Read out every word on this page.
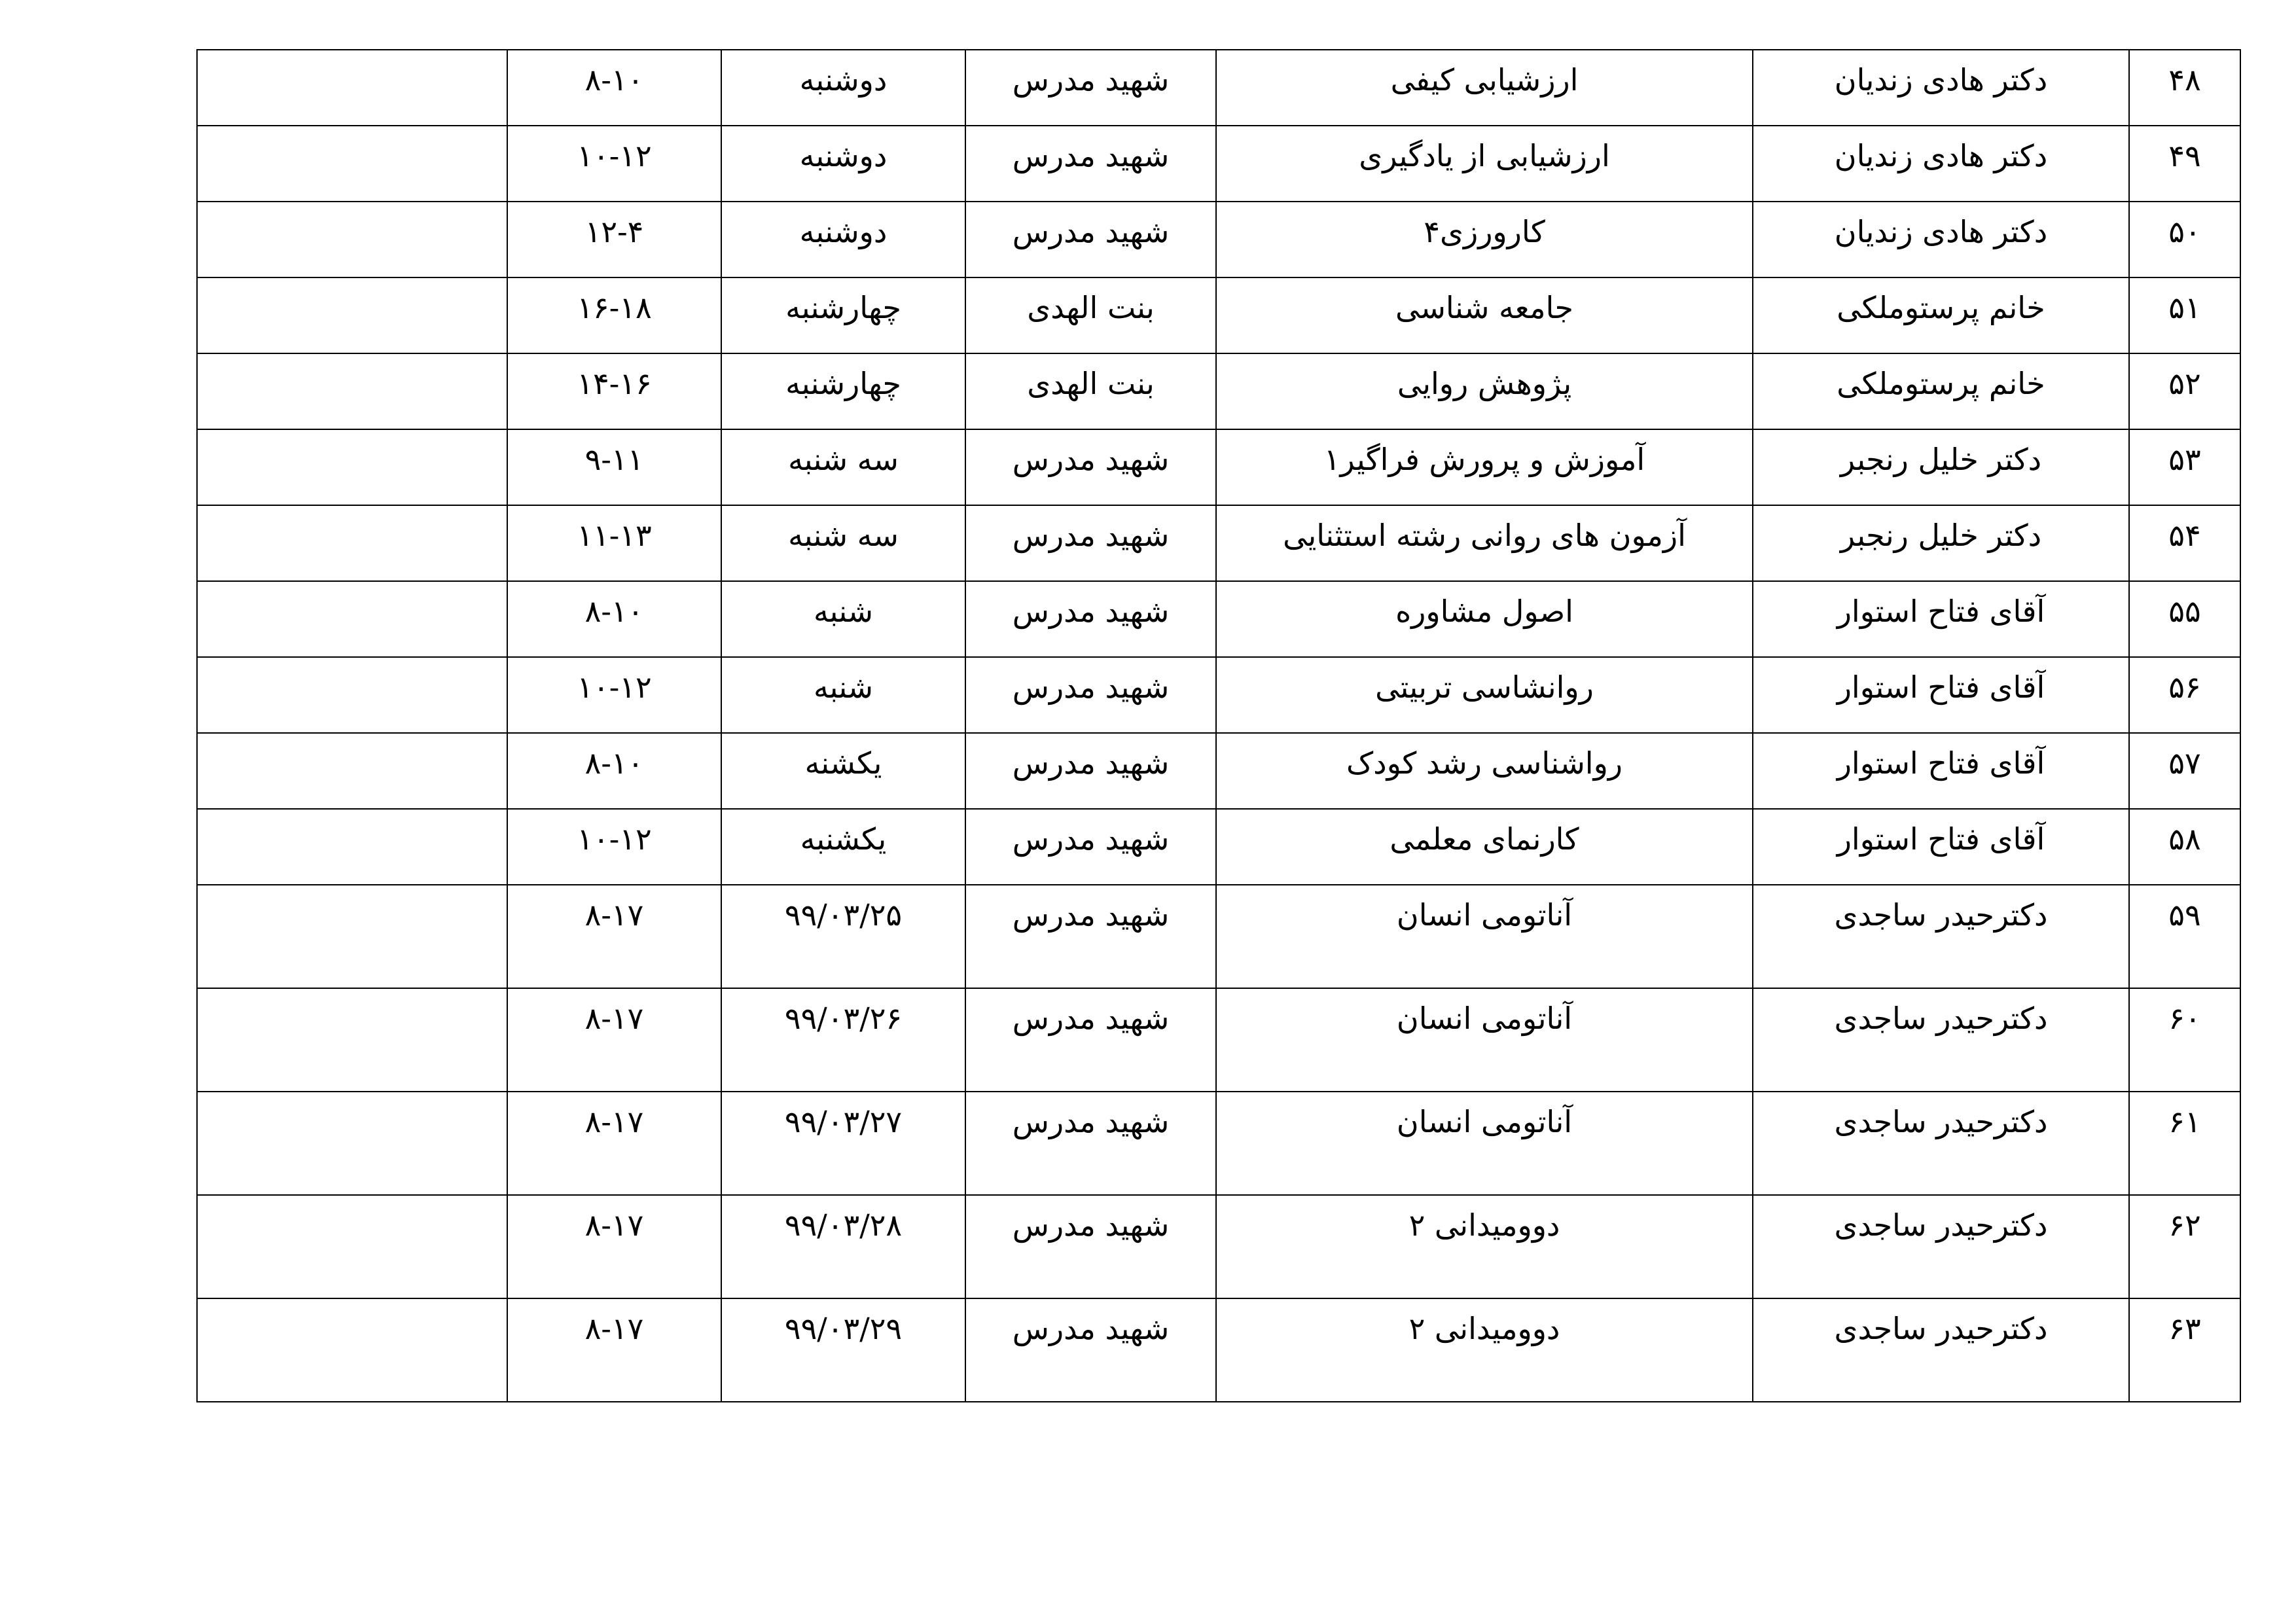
۴۸	دکتر هادی زندیان	ارزشیابی کیفی	شهید مدرس	دوشنبه	۸-۱۰	
۴۹	دکتر هادی زندیان	ارزشیابی از یادگیری	شهید مدرس	دوشنبه	۱۰-۱۲	
۵۰	دکتر هادی زندیان	کارورزی۴	شهید مدرس	دوشنبه	۱۲-۴	
۵۱	خانم پرستوملکی	جامعه شناسی	بنت الهدی	چهارشنبه	۱۶-۱۸	
۵۲	خانم پرستوملکی	پژوهش روایی	بنت الهدی	چهارشنبه	۱۴-۱۶	
۵۳	دکتر خلیل رنجبر	آموزش و پرورش فراگیر۱	شهید مدرس	سه شنبه	۹-۱۱	
۵۴	دکتر خلیل رنجبر	آزمون های روانی رشته استثنایی	شهید مدرس	سه شنبه	۱۱-۱۳	
۵۵	آقای فتاح استوار	اصول مشاوره	شهید مدرس	شنبه	۸-۱۰	
۵۶	آقای فتاح استوار	روانشاسی تربیتی	شهید مدرس	شنبه	۱۰-۱۲	
۵۷	آقای فتاح استوار	رواشناسی رشد کودک	شهید مدرس	یکشنه	۸-۱۰	
۵۸	آقای فتاح استوار	کارنمای معلمی	شهید مدرس	یکشنبه	۱۰-۱۲	
۵۹	دکترحیدر ساجدی	آناتومی انسان	شهید مدرس	۹۹/۰۳/۲۵	۸-۱۷	
۶۰	دکترحیدر ساجدی	آناتومی انسان	شهید مدرس	۹۹/۰۳/۲۶	۸-۱۷	
۶۱	دکترحیدر ساجدی	آناتومی انسان	شهید مدرس	۹۹/۰۳/۲۷	۸-۱۷	
۶۲	دکترحیدر ساجدی	دوومیدانی ۲	شهید مدرس	۹۹/۰۳/۲۸	۸-۱۷	
۶۳	دکترحیدر ساجدی	دوومیدانی ۲	شهید مدرس	۹۹/۰۳/۲۹	۸-۱۷	
